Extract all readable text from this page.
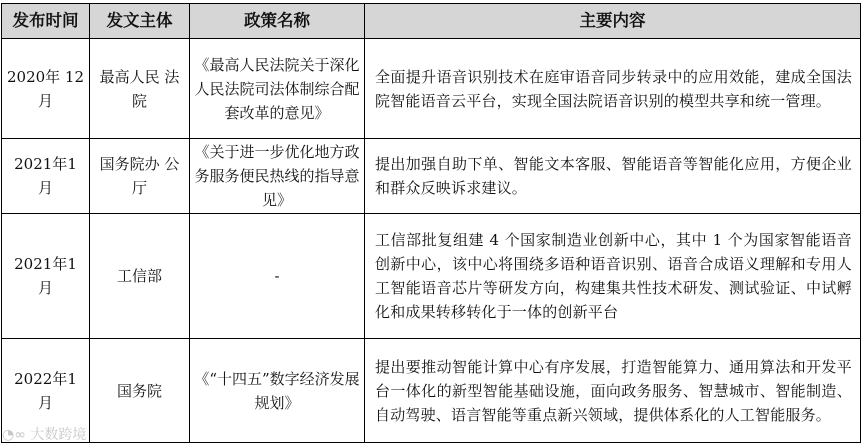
发布时间	发文主体	政策名称	主要内容
2020年 12月	最高人民 法院	《最高人民法院关于深化人民法院司法体制综合配套改革的意见》	全面提升语音识别技术在庭审语音同步转录中的应用效能，建成全国法院智能语音云平台，实现全国法院语音识别的模型共享和统一管理。
2021年1 月	国务院办 公厅	《关于进一步优化地方政务服务便民热线的指导意见》	提出加强自助下单、智能文本客服、智能语音等智能化应用，方便企业和群众反映诉求建议。
2021年1 月	工信部	-	工信部批复组建 4 个国家制造业创新中心，其中 1 个为国家智能语音创新中心，该中心将围绕多语种语音识别、语音合成语义理解和专用人工智能语音芯片等研发方向，构建集共性技术研发、测试验证、中试孵化和成果转移转化于一体的创新平台
2022年1 月	国务院	《“十四五”数字经济发展规划》	提出要推动智能计算中心有序发展，打造智能算力、通用算法和开发平台一体化的新型智能基础设施，面向政务服务、智慧城市、智能制造、自动驾驶、语言智能等重点新兴领域，提供体系化的人工智能服务。
◔∞ 大数跨境
